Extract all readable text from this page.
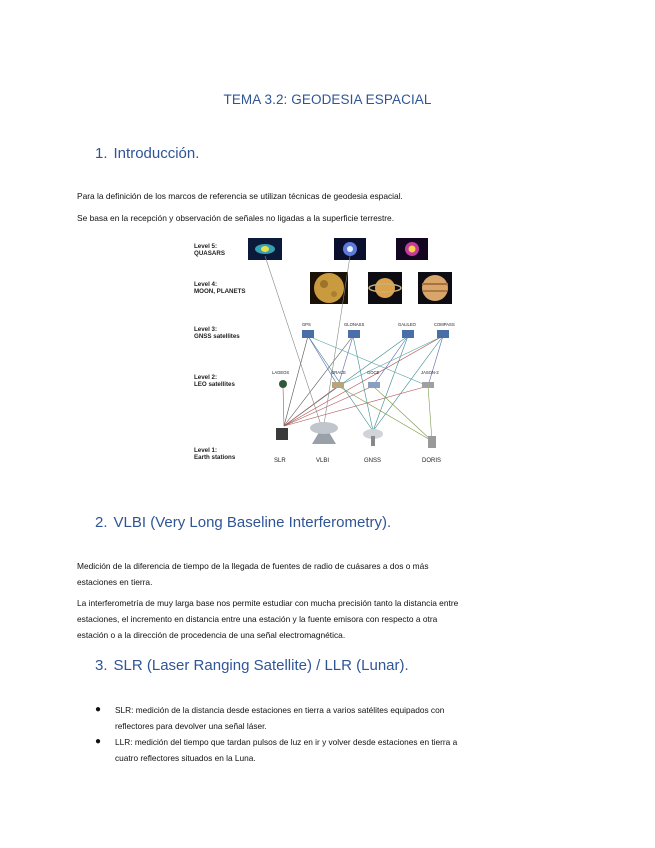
TEMA 3.2: GEODESIA ESPACIAL
1. Introducción.
Para la definición de los marcos de referencia se utilizan técnicas de geodesia espacial.
Se basa en la recepción y observación de señales no ligadas a la superficie terrestre.
Level 5:
QUASARS
Level 4:
MOON, PLANETS
Level 3:
GNSS satellites
Level 2:
LEO satellites
Level 1:
Earth stations
GPS	GLONASS	GALILEO	COMPASS
LAGEOS	GRACE	GOCE	JASON-2
SLR	VLBI	GNSS	DORIS
2. VLBI (Very Long Baseline Interferometry).
Medición de la diferencia de tiempo de la llegada de fuentes de radio de cuásares a dos o más
estaciones en tierra.
La interferometría de muy larga base nos permite estudiar con mucha precisión tanto la distancia entre
estaciones, el incremento en distancia entre una estación y la fuente emisora con respecto a otra
estación o a la dirección de procedencia de una señal electromagnética.
3. SLR (Laser Ranging Satellite) / LLR (Lunar).
● SLR: medición de la distancia desde estaciones en tierra a varios satélites equipados con
reflectores para devolver una señal láser.
● LLR: medición del tiempo que tardan pulsos de luz en ir y volver desde estaciones en tierra a
cuatro reflectores situados en la Luna.
